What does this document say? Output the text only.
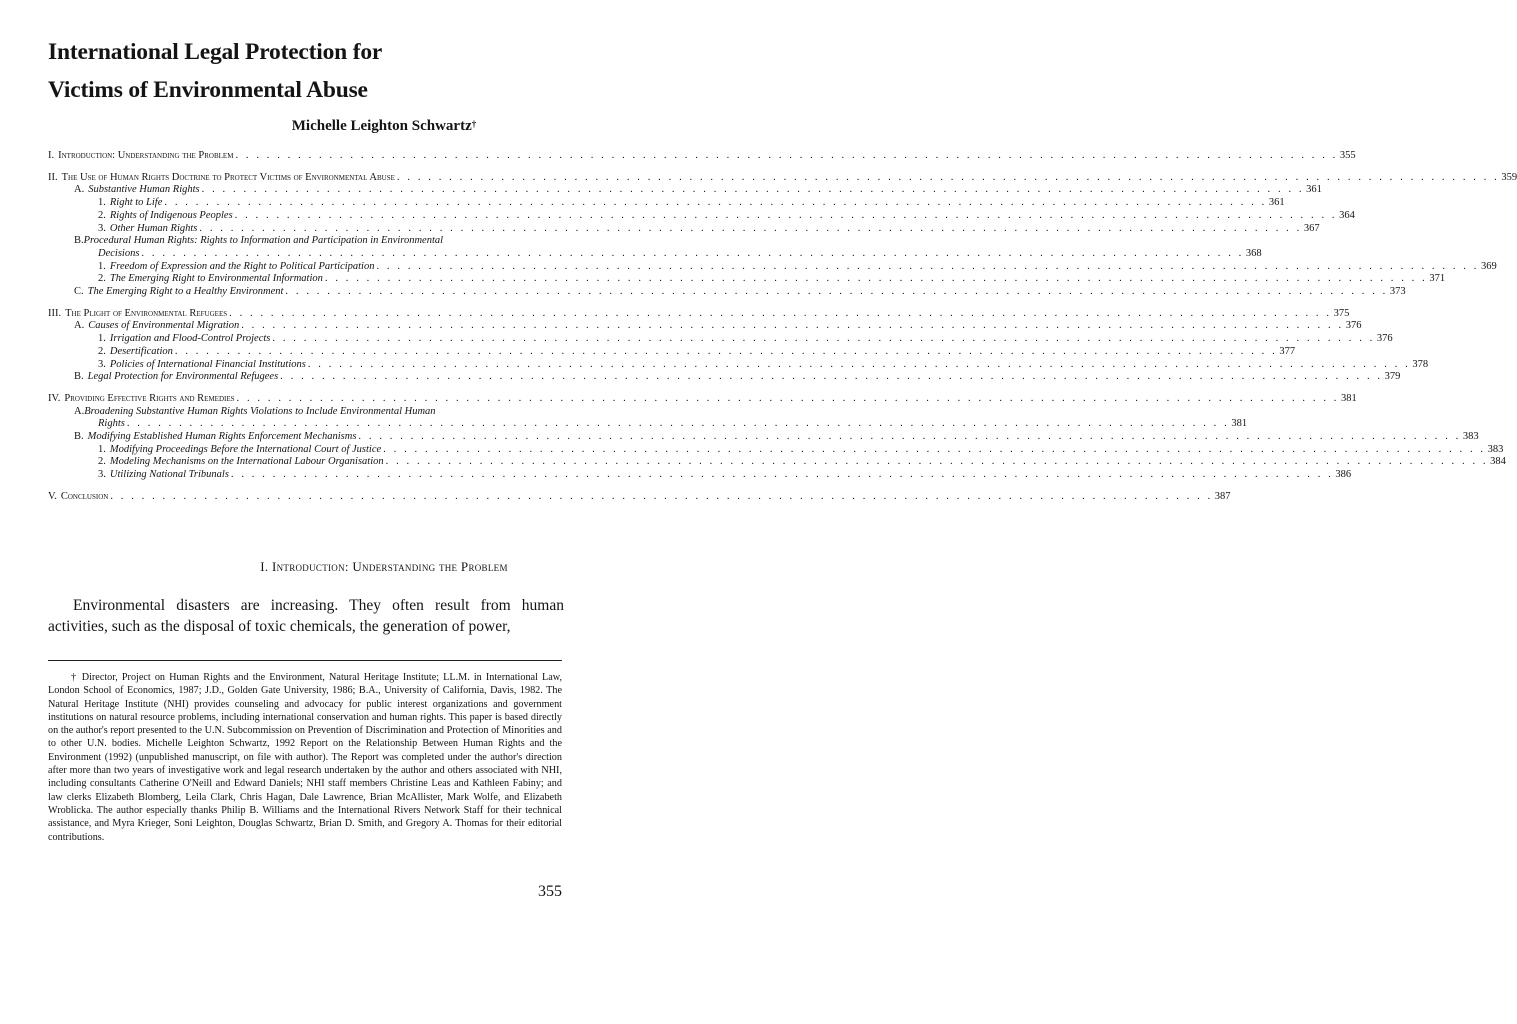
International Legal Protection for
Victims of Environmental Abuse

Michelle Leighton Schwartz†

I. Introduction: Understanding the Problem . . .	355
II. The Use of Human Rights Doctrine to Protect Victims of Environmental Abuse . . .	359
A. Substantive Human Rights . . .	361
1. Right to Life . . .	361
2. Rights of Indigenous Peoples . . .	364
3. Other Human Rights . . .	367
B.Procedural Human Rights: Rights to Information and Participation in Environmental
Decisions . . .	368
1. Freedom of Expression and the Right to Political Participation . . .	369
2. The Emerging Right to Environmental Information . . .	371
C. The Emerging Right to a Healthy Environment . . .	373
III. The Plight of Environmental Refugees . . .	375
A. Causes of Environmental Migration . . .	376
1. Irrigation and Flood-Control Projects . . .	376
2. Desertification . . .	377
3. Policies of International Financial Institutions . . .	378
B. Legal Protection for Environmental Refugees . . .	379
IV. Providing Effective Rights and Remedies . . .	381
A.Broadening Substantive Human Rights Violations to Include Environmental Human
Rights . . .	381
B. Modifying Established Human Rights Enforcement Mechanisms . . .	383
1. Modifying Proceedings Before the International Court of Justice . . .	383
2. Modeling Mechanisms on the International Labour Organisation . . .	384
3. Utilizing National Tribunals . . .	386
V. Conclusion . . .	387
I. Introduction: Understanding the Problem

Environmental disasters are increasing. They often result from human activities, such as the disposal of toxic chemicals, the generation of power,

† Director, Project on Human Rights and the Environment, Natural Heritage Institute; LL.M. in International Law, London School of Economics, 1987; J.D., Golden Gate University, 1986; B.A., University of California, Davis, 1982. The Natural Heritage Institute (NHI) provides counseling and advocacy for public interest organizations and government institutions on natural resource problems, including international conservation and human rights. This paper is based directly on the author's report presented to the U.N. Subcommission on Prevention of Discrimination and Protection of Minorities and to other U.N. bodies. Michelle Leighton Schwartz, 1992 Report on the Relationship Between Human Rights and the Environment (1992) (unpublished manuscript, on file with author). The Report was completed under the author's direction after more than two years of investigative work and legal research undertaken by the author and others associated with NHI, including consultants Catherine O'Neill and Edward Daniels; NHI staff members Christine Leas and Kathleen Fabiny; and law clerks Elizabeth Blomberg, Leila Clark, Chris Hagan, Dale Lawrence, Brian McAllister, Mark Wolfe, and Elizabeth Wroblicka. The author especially thanks Philip B. Williams and the International Rivers Network Staff for their technical assistance, and Myra Krieger, Soni Leighton, Douglas Schwartz, Brian D. Smith, and Gregory A. Thomas for their editorial contributions.

355
